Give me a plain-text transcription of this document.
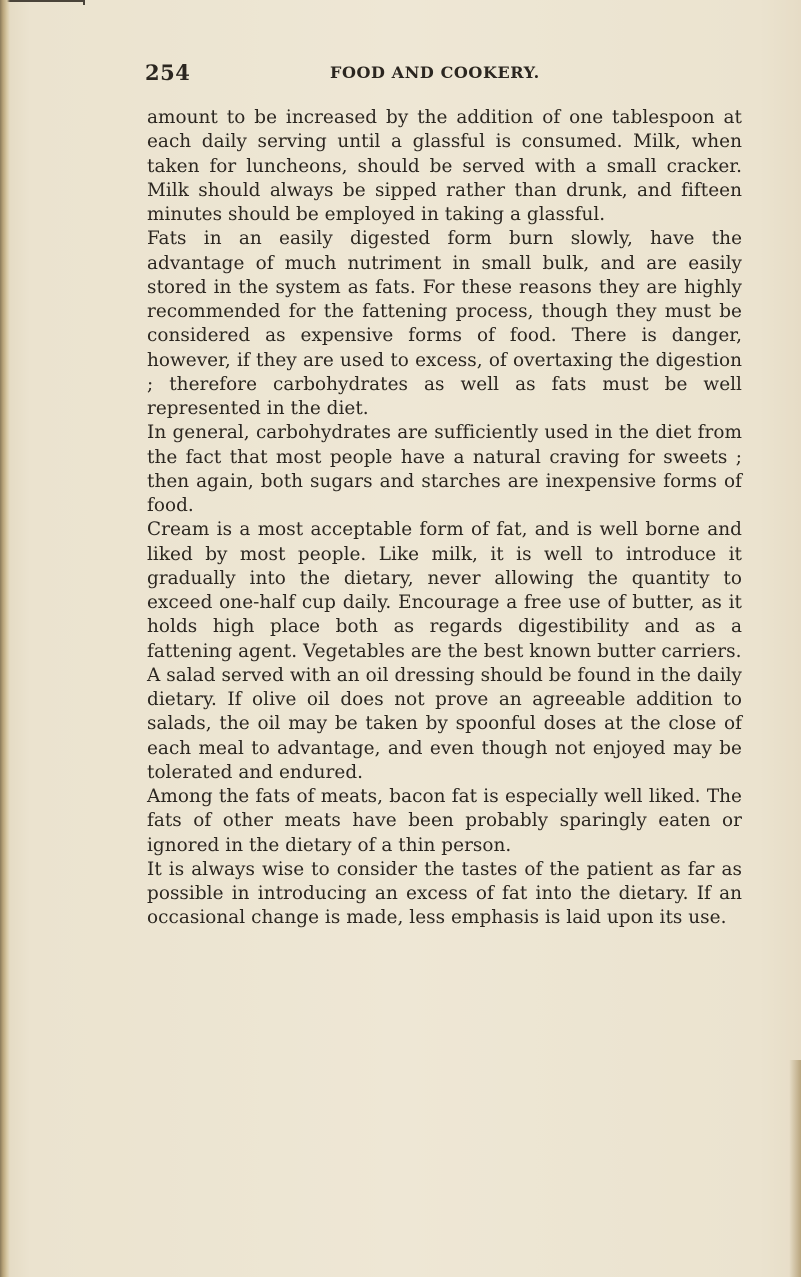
254	FOOD AND COOKERY.

amount to be increased by the addition of one tablespoon at each daily serving until a glassful is consumed. Milk, when taken for luncheons, should be served with a small cracker. Milk should always be sipped rather than drunk, and fifteen minutes should be employed in taking a glassful.

Fats in an easily digested form burn slowly, have the advantage of much nutriment in small bulk, and are easily stored in the system as fats. For these reasons they are highly recommended for the fattening process, though they must be considered as expensive forms of food. There is danger, however, if they are used to excess, of overtaxing the digestion ; therefore carbohydrates as well as fats must be well represented in the diet.

In general, carbohydrates are sufficiently used in the diet from the fact that most people have a natural craving for sweets ; then again, both sugars and starches are inexpensive forms of food.

Cream is a most acceptable form of fat, and is well borne and liked by most people. Like milk, it is well to introduce it gradually into the dietary, never allowing the quantity to exceed one-half cup daily. Encourage a free use of butter, as it holds high place both as regards digestibility and as a fattening agent. Vegetables are the best known butter carriers.

A salad served with an oil dressing should be found in the daily dietary. If olive oil does not prove an agreeable addition to salads, the oil may be taken by spoonful doses at the close of each meal to advantage, and even though not enjoyed may be tolerated and endured.

Among the fats of meats, bacon fat is especially well liked. The fats of other meats have been probably sparingly eaten or ignored in the dietary of a thin person.

It is always wise to consider the tastes of the patient as far as possible in introducing an excess of fat into the dietary. If an occasional change is made, less emphasis is laid upon its use.
